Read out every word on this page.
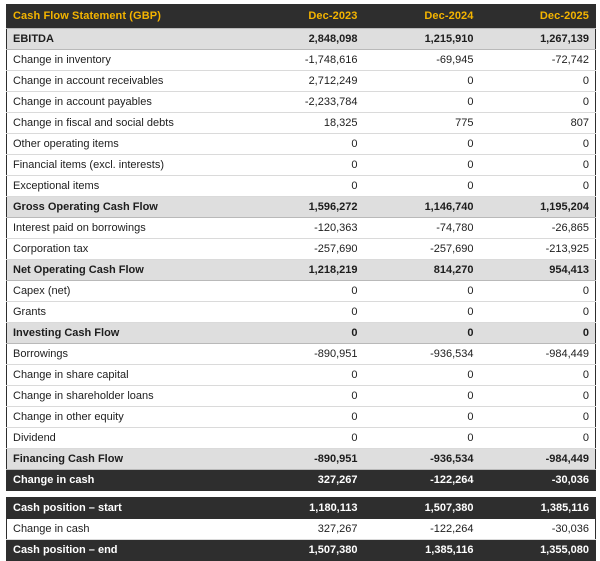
Cash Flow Statement (GBP)	Dec-2023	Dec-2024	Dec-2025
EBITDA	2,848,098	1,215,910	1,267,139
Change in inventory	-1,748,616	-69,945	-72,742
Change in account receivables	2,712,249	0	0
Change in account payables	-2,233,784	0	0
Change in fiscal and social debts	18,325	775	807
Other operating items	0	0	0
Financial items (excl. interests)	0	0	0
Exceptional items	0	0	0
Gross Operating Cash Flow	1,596,272	1,146,740	1,195,204
Interest paid on borrowings	-120,363	-74,780	-26,865
Corporation tax	-257,690	-257,690	-213,925
Net Operating Cash Flow	1,218,219	814,270	954,413
Capex (net)	0	0	0
Grants	0	0	0
Investing Cash Flow	0	0	0
Borrowings	-890,951	-936,534	-984,449
Change in share capital	0	0	0
Change in shareholder loans	0	0	0
Change in other equity	0	0	0
Dividend	0	0	0
Financing Cash Flow	-890,951	-936,534	-984,449
Change in cash	327,267	-122,264	-30,036
Cash position – start	1,180,113	1,507,380	1,385,116
Change in cash	327,267	-122,264	-30,036
Cash position – end	1,507,380	1,385,116	1,355,080
